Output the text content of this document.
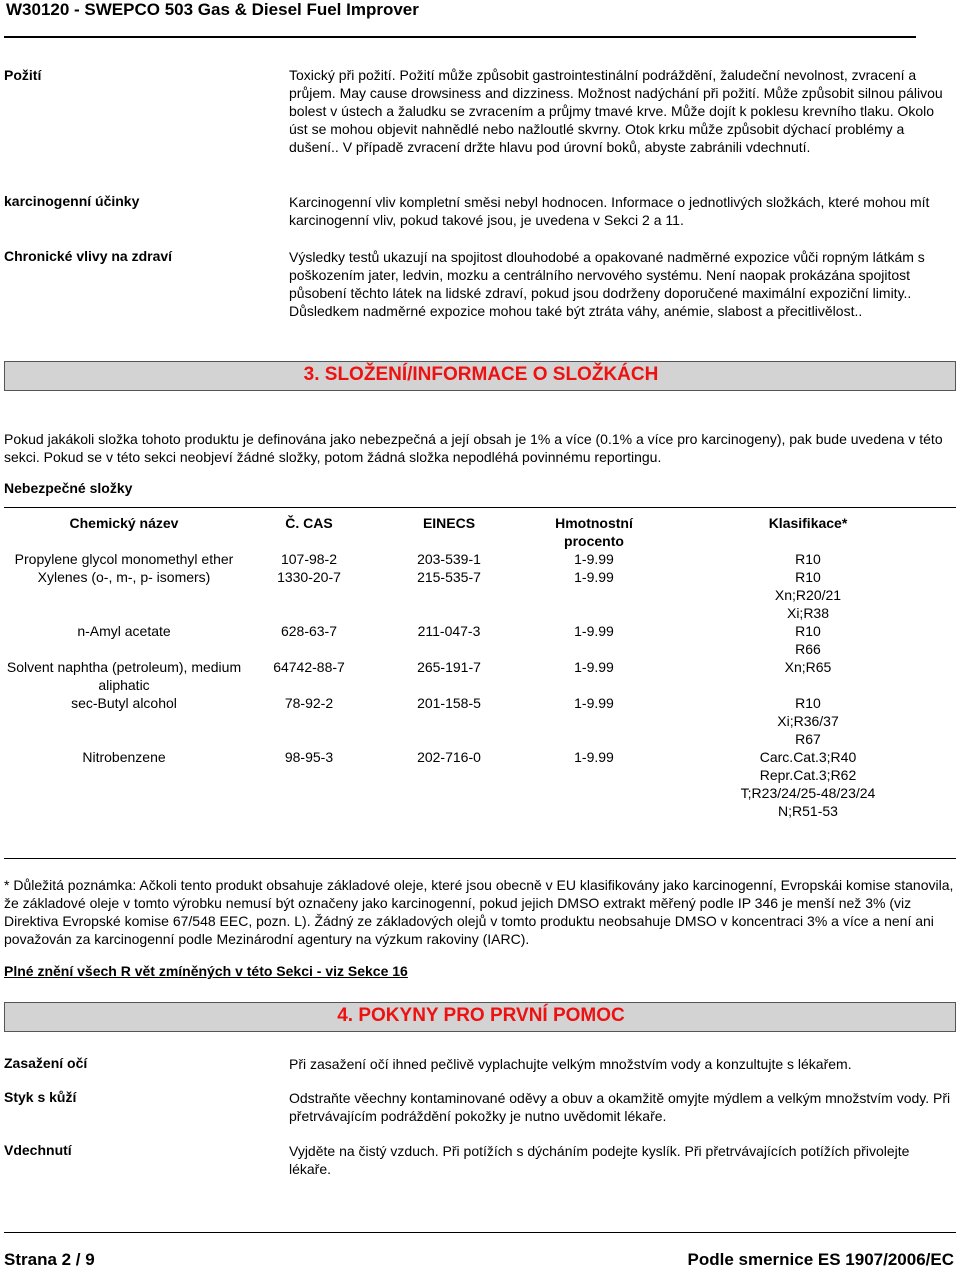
W30120 - SWEPCO 503 Gas & Diesel Fuel Improver
Požití	Toxický při požití. Požití může způsobit gastrointestinální podráždění, žaludeční nevolnost, zvracení a průjem. May cause drowsiness and dizziness. Možnost nadýchání při požití. Může způsobit silnou pálivou bolest v ústech a žaludku se zvracením a průjmy tmavé krve. Může dojít k poklesu krevního tlaku. Okolo úst se mohou objevit nahnědlé nebo nažloutlé skvrny. Otok krku může způsobit dýchací problémy a dušení.. V případě zvracení držte hlavu pod úrovní boků, abyste zabránili vdechnutí.
karcinogenní účinky	Karcinogenní vliv kompletní směsi nebyl hodnocen. Informace o jednotlivých složkách, které mohou mít karcinogenní vliv, pokud takové jsou, je uvedena v Sekci 2 a 11.
Chronické vlivy na zdraví	Výsledky testů ukazují na spojitost dlouhodobé a opakované nadměrné expozice vůči ropným látkám s poškozením jater, ledvin, mozku a centrálního nervového systému. Není naopak prokázána spojitost působení těchto látek na lidské zdraví, pokud jsou dodrženy doporučené maximální expoziční limity.. Důsledkem nadměrné expozice mohou také být ztráta váhy, anémie, slabost a přecitlivělost..
3. SLOŽENÍ/INFORMACE O SLOŽKÁCH
Pokud jakákoli složka tohoto produktu je definována jako nebezpečná a její obsah je 1% a více (0.1% a více pro karcinogeny), pak bude uvedena v této sekci. Pokud se v této sekci neobjeví žádné složky, potom žádná složka nepodléhá povinnému reportingu.
Nebezpečné složky
Chemický název	Č. CAS	EINECS	Hmotnostní procento	Klasifikace*
Propylene glycol monomethyl ether	107-98-2	203-539-1	1-9.99	R10

Xylenes (o-, m-, p- isomers)	1330-20-7	215-535-7	1-9.99	R10
Xn;R20/21
Xi;R38

n-Amyl acetate	628-63-7	211-047-3	1-9.99	R10
R66

Solvent naphtha (petroleum), medium aliphatic	64742-88-7	265-191-7	1-9.99	Xn;R65

sec-Butyl alcohol	78-92-2	201-158-5	1-9.99	R10
Xi;R36/37
R67

Nitrobenzene	98-95-3	202-716-0	1-9.99	Carc.Cat.3;R40
Repr.Cat.3;R62
T;R23/24/25-48/23/24
N;R51-53
* Důležitá poznámka: Ačkoli tento produkt obsahuje základové oleje, které jsou obecně v EU klasifikovány jako karcinogenní, Evropskái komise stanovila, že základové oleje v tomto výrobku nemusí být označeny jako karcinogenní, pokud jejich DMSO extrakt měřený podle IP 346 je menší než 3% (viz Direktiva Evropské komise 67/548 EEC, pozn. L). Žádný ze základových olejů v tomto produktu neobsahuje DMSO v koncentraci 3% a více a není ani považován za karcinogenní podle Mezinárodní agentury na výzkum rakoviny (IARC).
Plné znění všech R vět zmíněných v této Sekci - viz Sekce 16
4. POKYNY PRO PRVNÍ POMOC
Zasažení očí	Při zasažení očí ihned pečlivě vyplachujte velkým množstvím vody a konzultujte s lékařem.
Styk s kůží	Odstraňte věechny kontaminované oděvy a obuv a okamžitě omyjte mýdlem a velkým množstvím vody. Při přetrvávajícím podráždění pokožky je nutno uvědomit lékaře.
Vdechnutí	Vyjděte na čistý vzduch. Při potížích s dýcháním podejte kyslík. Při přetrvávajících potížích přivolejte lékaře.
Strana 2 / 9	Podle smernice ES 1907/2006/EC
